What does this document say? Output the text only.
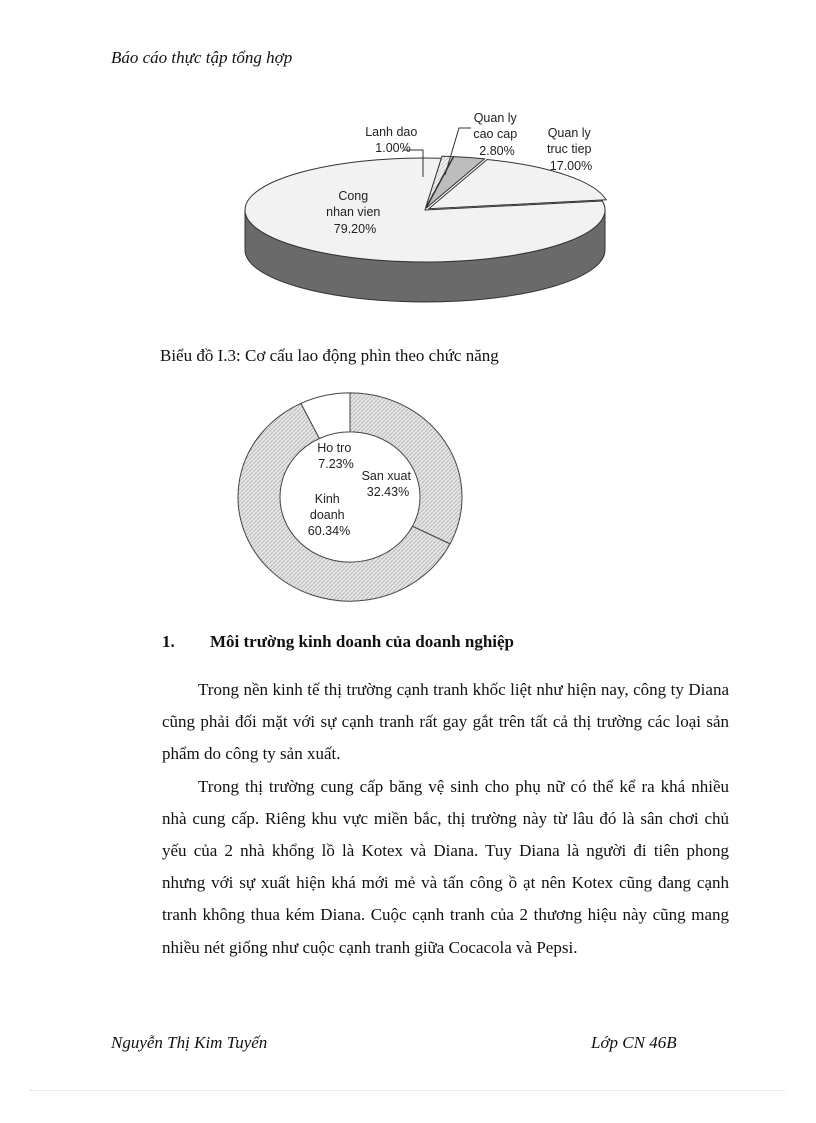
Báo cáo thực tập tổng hợp
Cong nhan vien 79.20%
Lanh dao 1.00%
Quan ly cao cap 2.80%
Quan ly truc tiep 17.00%
Biểu đồ I.3: Cơ cấu lao động phìn theo chức năng
Ho tro 7.23%
San xuat 32.43%
Kinh doanh 60.34%
1. Môi trường kinh doanh của doanh nghiệp

Trong nền kinh tế thị trường cạnh tranh khốc liệt như hiện nay, công ty Diana cũng phải đối mặt với sự cạnh tranh rất gay gắt trên tất cả thị trường các loại sản phẩm do công ty sản xuất.

Trong thị trường cung cấp băng vệ sinh cho phụ nữ có thể kể ra khá nhiều nhà cung cấp. Riêng khu vực miền bắc, thị trường này từ lâu đó là sân chơi chủ yếu của 2 nhà khổng lồ là Kotex và Diana. Tuy Diana là người đi tiên phong nhưng với sự xuất hiện khá mới mẻ và tấn công ồ ạt nên Kotex cũng đang cạnh tranh không thua kém Diana. Cuộc cạnh tranh của 2 thương hiệu này cũng mang nhiều nét giống như cuộc cạnh tranh giữa Cocacola và Pepsi.

Nguyễn Thị Kim Tuyến	Lớp CN 46B
